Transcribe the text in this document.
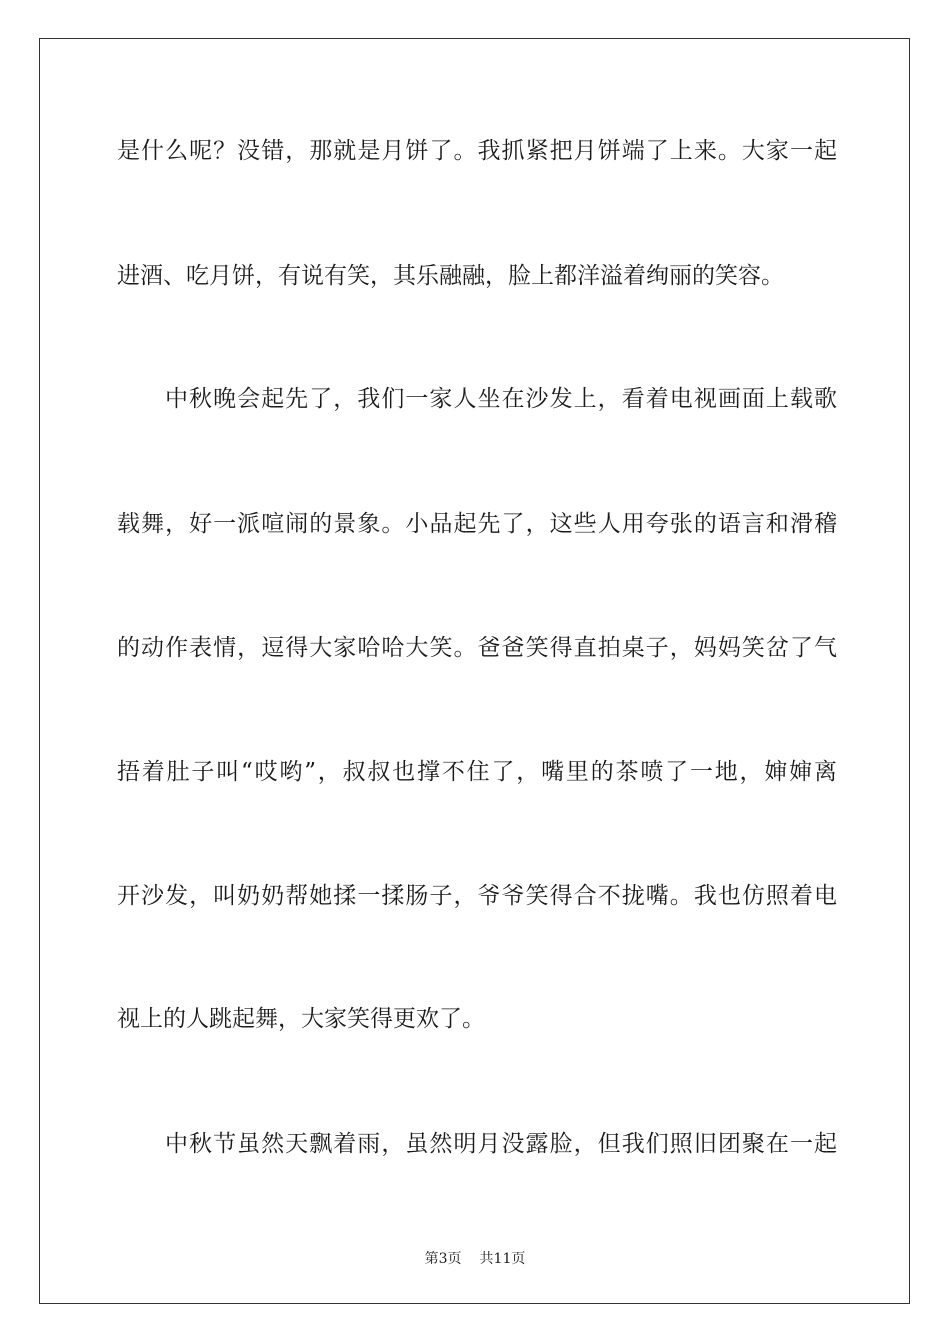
是什么呢？没错，那就是月饼了。我抓紧把月饼端了上来。大家一起
进酒、吃月饼，有说有笑，其乐融融，脸上都洋溢着绚丽的笑容。
中秋晚会起先了，我们一家人坐在沙发上，看着电视画面上载歌
载舞，好一派喧闹的景象。小品起先了，这些人用夸张的语言和滑稽
的动作表情，逗得大家哈哈大笑。爸爸笑得直拍桌子，妈妈笑岔了气
捂着肚子叫“哎哟”，叔叔也撑不住了，嘴里的茶喷了一地，婶婶离
开沙发，叫奶奶帮她揉一揉肠子，爷爷笑得合不拢嘴。我也仿照着电
视上的人跳起舞，大家笑得更欢了。
中秋节虽然天飘着雨，虽然明月没露脸，但我们照旧团聚在一起
第3页 共11页
